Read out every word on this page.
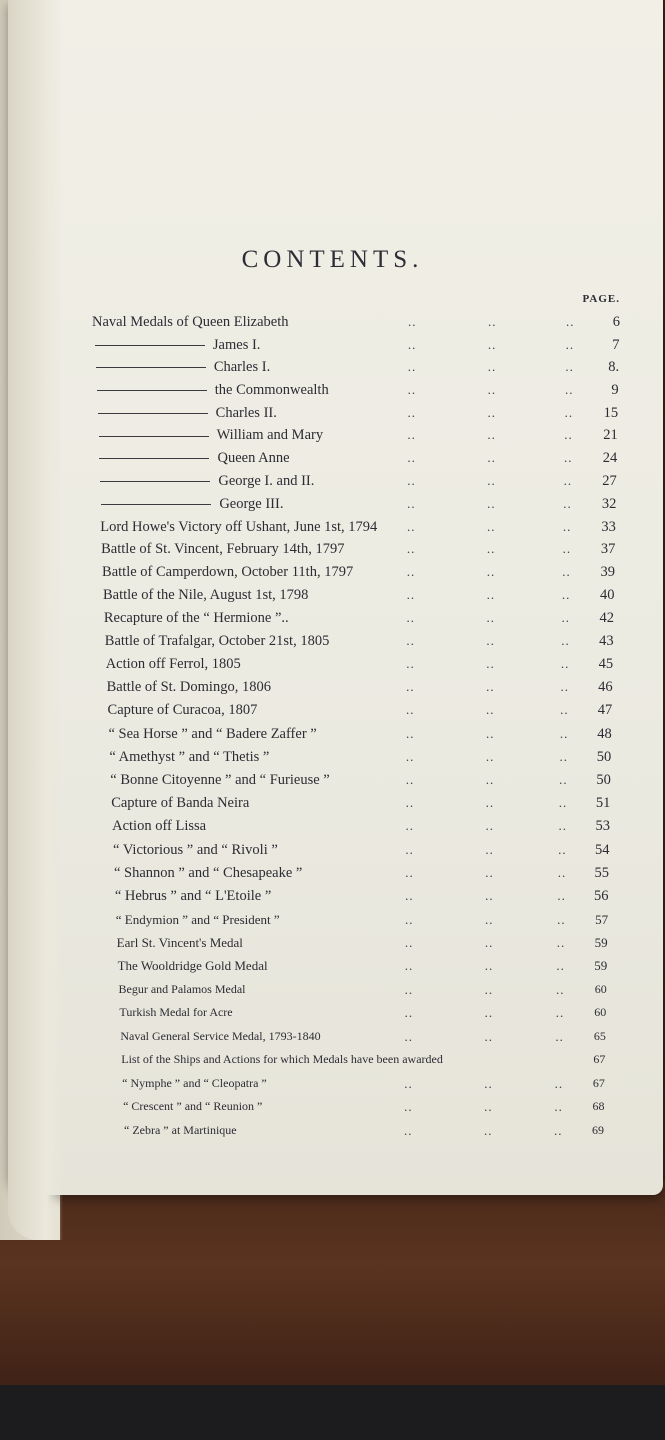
CONTENTS.
PAGE.
Naval Medals of Queen Elizabeth	..	..	..	6
James I.	..	..	..	7
Charles I.	..	..	..	8.
the Commonwealth	..	..	..	9
Charles II.	..	..	..	15
William and Mary	..	..	..	21
Queen Anne	..	..	..	24
George I. and II.	..	..	..	27
George III.	..	..	..	32
Lord Howe's Victory off Ushant, June 1st, 1794 ..	..	..	33
Battle of St. Vincent, February 14th, 1797	..	..	..	37
Battle of Camperdown, October 11th, 1797	..	..	..	39
Battle of the Nile, August 1st, 1798	..	..	..	40
Recapture of the “ Hermione ”..	..	..	..	42
Battle of Trafalgar, October 21st, 1805	..	..	..	43
Action off Ferrol, 1805	..	..	..	45
Battle of St. Domingo, 1806	..	..	..	46
Capture of Curacoa, 1807	..	..	..	47
“ Sea Horse ” and “ Badere Zaffer ”	..	..	..	48
“ Amethyst ” and “ Thetis ”	..	..	..	50
“ Bonne Citoyenne ” and “ Furieuse ”	..	..	..	50
Capture of Banda Neira	..	..	..	51
Action off Lissa	..	..	..	53
“ Victorious ” and “ Rivoli ”	..	..	..	54
“ Shannon ” and “ Chesapeake ”	..	..	..	55
“ Hebrus ” and “ L'Etoile ”	..	..	..	56
“ Endymion ” and “ President ”	..	..	..	57
Earl St. Vincent's Medal	..	..	..	59
The Wooldridge Gold Medal	..	..	..	59
Begur and Palamos Medal	..	..	..	60
Turkish Medal for Acre	..	..	..	60
Naval General Service Medal, 1793-1840	..	..	..	65
List of the Ships and Actions for which Medals have been awarded	67
“ Nymphe ” and “ Cleopatra ”	..	..	..	67
“ Crescent ” and “ Reunion ”	..	..	..	68
“ Zebra ” at Martinique	..	..	..	69
